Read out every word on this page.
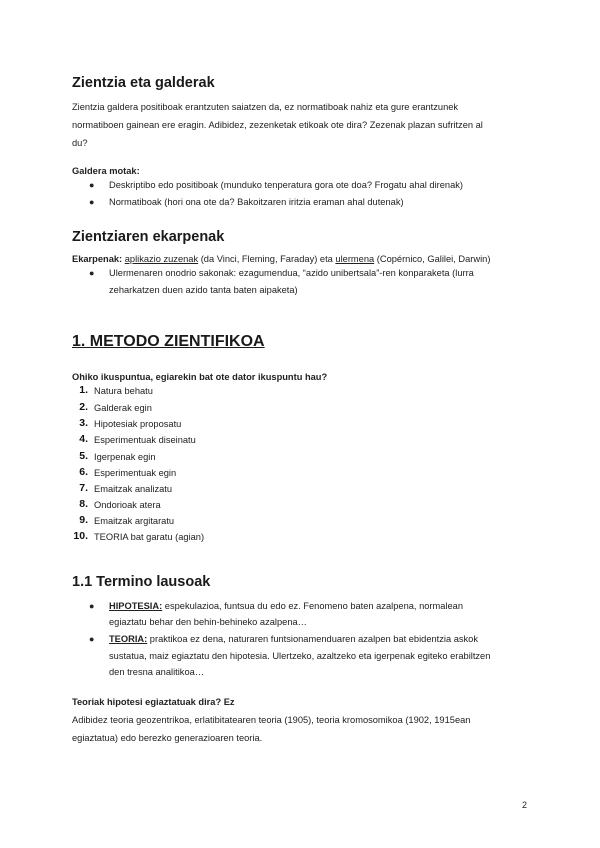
Zientzia eta galderak
Zientzia galdera positiboak erantzuten saiatzen da, ez normatiboak nahiz eta gure erantzunek
normatiboen gainean ere eragin. Adibidez, zezenketak etikoak ote dira? Zezenak plazan sufritzen al
du?
Galdera motak:
● Deskriptibo edo positiboak (munduko tenperatura gora ote doa? Frogatu ahal direnak)
● Normatiboak (hori ona ote da? Bakoitzaren iritzia eraman ahal dutenak)
Zientziaren ekarpenak
Ekarpenak: aplikazio zuzenak (da Vinci, Fleming, Faraday) eta ulermena (Copérnico, Galilei, Darwin)
● Ulermenaren onodrio sakonak: ezagumendua, “azido unibertsala”-ren konparaketa (lurra
zeharkatzen duen azido tanta baten aipaketa)
1. METODO ZIENTIFIKOA
Ohiko ikuspuntua, egiarekin bat ote dator ikuspuntu hau?
1. Natura behatu
2. Galderak egin
3. Hipotesiak proposatu
4. Esperimentuak diseinatu
5. Igerpenak egin
6. Esperimentuak egin
7. Emaitzak analizatu
8. Ondorioak atera
9. Emaitzak argitaratu
10. TEORIA bat garatu (agian)
1.1 Termino lausoak
● HIPOTESIA: espekulazioa, funtsua du edo ez. Fenomeno baten azalpena, normalean
egiaztatu behar den behin-behineko azalpena…
● TEORIA: praktikoa ez dena, naturaren funtsionamenduaren azalpen bat ebidentzia askok
sustatua, maiz egiaztatu den hipotesia. Ulertzeko, azaltzeko eta igerpenak egiteko erabiltzen
den tresna analitikoa…
Teoriak hipotesi egiaztatuak dira? Ez
Adibidez teoria geozentrikoa, erlatibitatearen teoria (1905), teoria kromosomikoa (1902, 1915ean
egiaztatua) edo berezko generazioaren teoria.
2
